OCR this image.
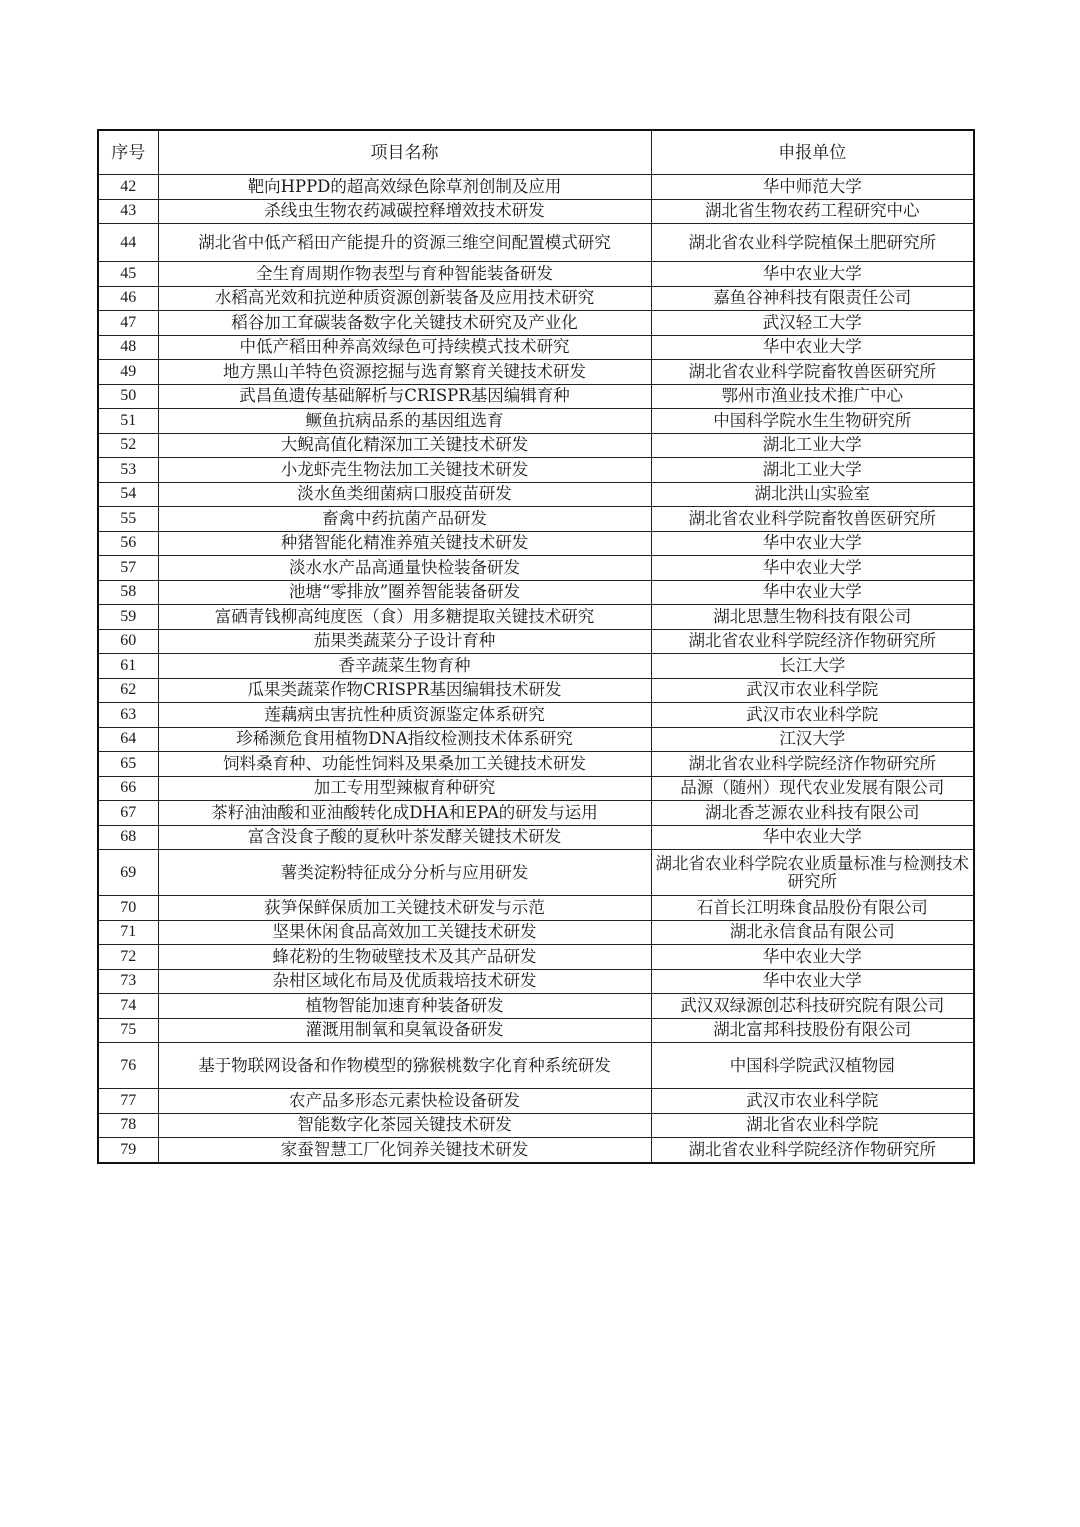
序号	项目名称	申报单位
42	靶向HPPD的超高效绿色除草剂创制及应用	华中师范大学
43	杀线虫生物农药减碳控释增效技术研发	湖北省生物农药工程研究中心
44	湖北省中低产稻田产能提升的资源三维空间配置模式研究	湖北省农业科学院植保土肥研究所
45	全生育周期作物表型与育种智能装备研发	华中农业大学
46	水稻高光效和抗逆种质资源创新装备及应用技术研究	嘉鱼谷神科技有限责任公司
47	稻谷加工耷碳装备数字化关键技术研究及产业化	武汉轻工大学
48	中低产稻田种养高效绿色可持续模式技术研究	华中农业大学
49	地方黑山羊特色资源挖掘与选育繁育关键技术研发	湖北省农业科学院畜牧兽医研究所
50	武昌鱼遗传基础解析与CRISPR基因编辑育种	鄂州市渔业技术推广中心
51	鳜鱼抗病品系的基因组选育	中国科学院水生生物研究所
52	大鲵高值化精深加工关键技术研发	湖北工业大学
53	小龙虾壳生物法加工关键技术研发	湖北工业大学
54	淡水鱼类细菌病口服疫苗研发	湖北洪山实验室
55	畜禽中药抗菌产品研发	湖北省农业科学院畜牧兽医研究所
56	种猪智能化精准养殖关键技术研发	华中农业大学
57	淡水水产品高通量快检装备研发	华中农业大学
58	池塘“零排放”圈养智能装备研发	华中农业大学
59	富硒青钱柳高纯度医（食）用多糖提取关键技术研究	湖北思慧生物科技有限公司
60	茄果类蔬菜分子设计育种	湖北省农业科学院经济作物研究所
61	香辛蔬菜生物育种	长江大学
62	瓜果类蔬菜作物CRISPR基因编辑技术研发	武汉市农业科学院
63	莲藕病虫害抗性种质资源鉴定体系研究	武汉市农业科学院
64	珍稀濒危食用植物DNA指纹检测技术体系研究	江汉大学
65	饲料桑育种、功能性饲料及果桑加工关键技术研发	湖北省农业科学院经济作物研究所
66	加工专用型辣椒育种研究	品源（随州）现代农业发展有限公司
67	茶籽油油酸和亚油酸转化成DHA和EPA的研发与运用	湖北香芝源农业科技有限公司
68	富含没食子酸的夏秋叶茶发酵关键技术研发	华中农业大学
69	薯类淀粉特征成分分析与应用研发	湖北省农业科学院农业质量标准与检测技术研究所
70	荻笋保鲜保质加工关键技术研发与示范	石首长江明珠食品股份有限公司
71	坚果休闲食品高效加工关键技术研发	湖北永信食品有限公司
72	蜂花粉的生物破壁技术及其产品研发	华中农业大学
73	杂柑区域化布局及优质栽培技术研发	华中农业大学
74	植物智能加速育种装备研发	武汉双绿源创芯科技研究院有限公司
75	灌溉用制氧和臭氧设备研发	湖北富邦科技股份有限公司
76	基于物联网设备和作物模型的猕猴桃数字化育种系统研发	中国科学院武汉植物园
77	农产品多形态元素快检设备研发	武汉市农业科学院
78	智能数字化茶园关键技术研发	湖北省农业科学院
79	家蚕智慧工厂化饲养关键技术研发	湖北省农业科学院经济作物研究所
